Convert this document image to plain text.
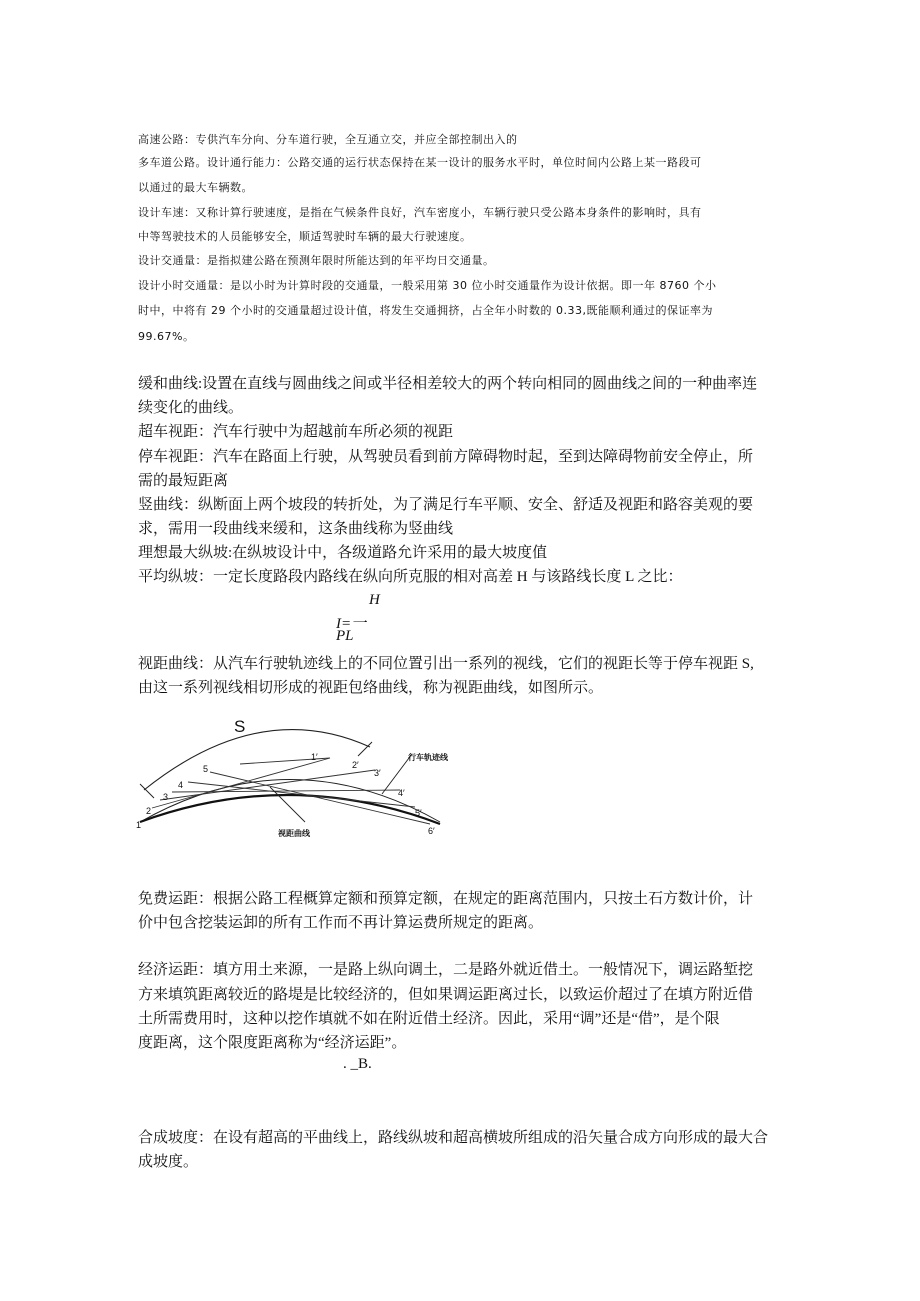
高速公路：专供汽车分向、分车道行驶，全互通立交，并应全部控制出入的
多车道公路。设计通行能力：公路交通的运行状态保持在某一设计的服务水平时，单位时间内公路上某一路段可
以通过的最大车辆数。
设计车速：又称计算行驶速度，是指在气候条件良好，汽车密度小，车辆行驶只受公路本身条件的影响时，具有
中等驾驶技术的人员能够安全，顺适驾驶时车辆的最大行驶速度。
设计交通量：是指拟建公路在预测年限时所能达到的年平均日交通量。
设计小时交通量：是以小时为计算时段的交通量，一般采用第 30 位小时交通量作为设计依据。即一年 8760 个小
时中，中将有 29 个小时的交通量超过设计值，将发生交通拥挤，占全年小时数的 0.33,既能顺利通过的保证率为
99.67%。
缓和曲线:设置在直线与圆曲线之间或半径相差较大的两个转向相同的圆曲线之间的一种曲率连
续变化的曲线。
超车视距：汽车行驶中为超越前车所必须的视距
停车视距：汽车在路面上行驶，从驾驶员看到前方障碍物时起，至到达障碍物前安全停止，所
需的最短距离
竖曲线：纵断面上两个坡段的转折处，为了满足行车平顺、安全、舒适及视距和路容美观的要
求，需用一段曲线来缓和，这条曲线称为竖曲线
理想最大纵坡:在纵坡设计中，各级道路允许采用的最大坡度值
平均纵坡：一定长度路段内路线在纵向所克服的相对高差 H 与该路线长度 L 之比：
H
I=一
PL
视距曲线：从汽车行驶轨迹线上的不同位置引出一系列的视线，它们的视距长等于停车视距 S,
由这一系列视线相切形成的视距包络曲线，称为视距曲线，如图所示。
S
1
2
3
4
5
1′
2′
3′
4′
5′
6′
行车轨迹线
视距曲线
免费运距：根据公路工程概算定额和预算定额，在规定的距离范围内，只按土石方数计价，计
价中包含挖装运卸的所有工作而不再计算运费所规定的距离。
经济运距：填方用土来源，一是路上纵向调土，二是路外就近借土。一般情况下，调运路堑挖
方来填筑距离较近的路堤是比较经济的，但如果调运距离过长，以致运价超过了在填方附近借
土所需费用时，这种以挖作填就不如在附近借土经济。因此，采用“调”还是“借”，是个限
度距离，这个限度距离称为“经济运距”。
. _B.
合成坡度：在设有超高的平曲线上，路线纵坡和超高横坡所组成的沿矢量合成方向形成的最大合
成坡度。
